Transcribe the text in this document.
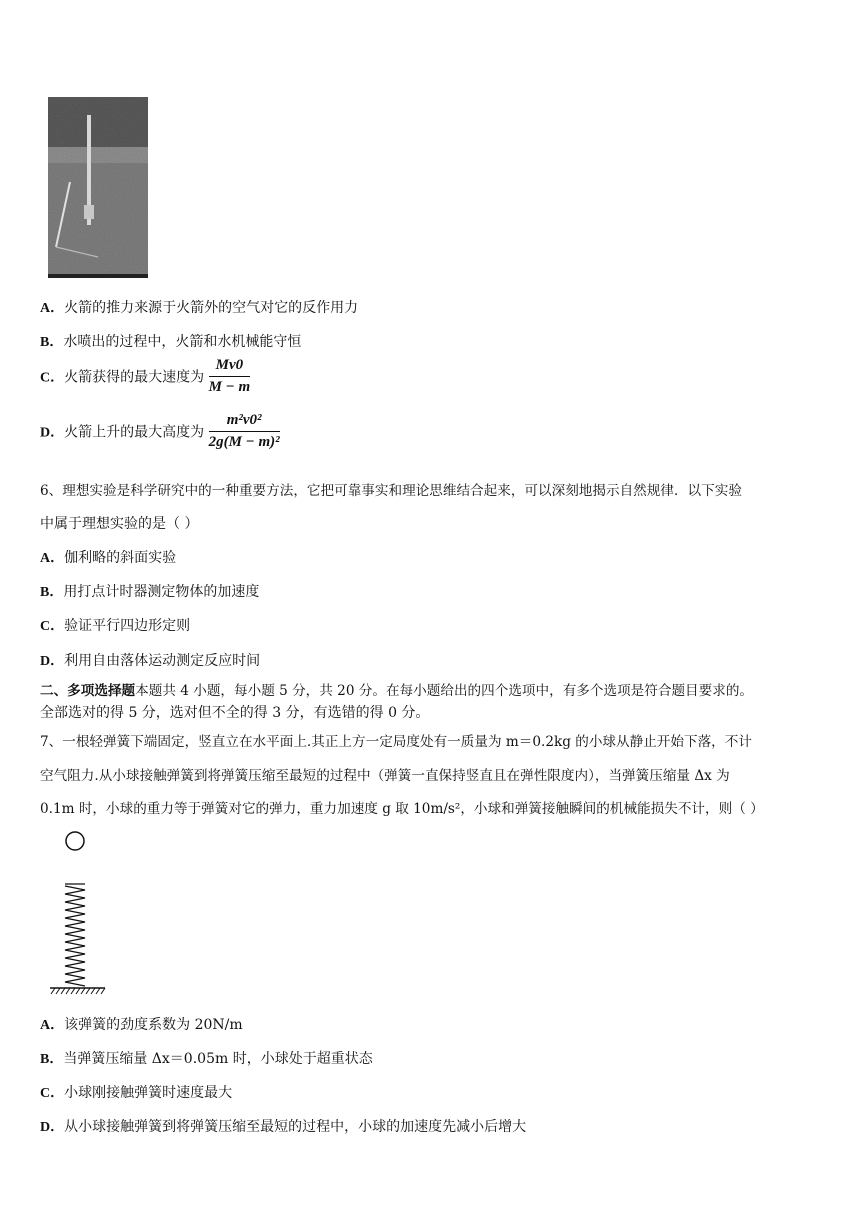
A．火箭的推力来源于火箭外的空气对它的反作用力
B．水喷出的过程中，火箭和水机械能守恒
C．火箭获得的最大速度为 $\frac{Mv0}{M - m}$
D．火箭上升的最大高度为 $\frac{\text{m²v0²}}{\text{2g(M − m)²}}$
6、理想实验是科学研究中的一种重要方法，它把可靠事实和理论思维结合起来，可以深刻地揭示自然规律．以下实验
中属于理想实验的是（ ）
A．伽利略的斜面实验
B．用打点计时器测定物体的加速度
C．验证平行四边形定则
D．利用自由落体运动测定反应时间
二、多项选择题本题共 4 小题，每小题 5 分，共 20 分。在每小题给出的四个选项中，有多个选项是符合题目要求的。
全部选对的得 5 分，选对但不全的得 3 分，有选错的得 0 分。
7、一根轻弹簧下端固定，竖直立在水平面上.其正上方一定局度处有一质量为 m＝0.2kg 的小球从静止开始下落，不计
空气阻力.从小球接触弹簧到将弹簧压缩至最短的过程中（弹簧一直保持竖直且在弹性限度内），当弹簧压缩量 Δx 为
0.1m 时，小球的重力等于弹簧对它的弹力，重力加速度 g 取 10m/s²，小球和弹簧接触瞬间的机械能损失不计，则（ ）
A．该弹簧的劲度系数为 20N/m
B．当弹簧压缩量 Δx＝0.05m 时，小球处于超重状态
C．小球刚接触弹簧时速度最大
D．从小球接触弹簧到将弹簧压缩至最短的过程中，小球的加速度先减小后增大
